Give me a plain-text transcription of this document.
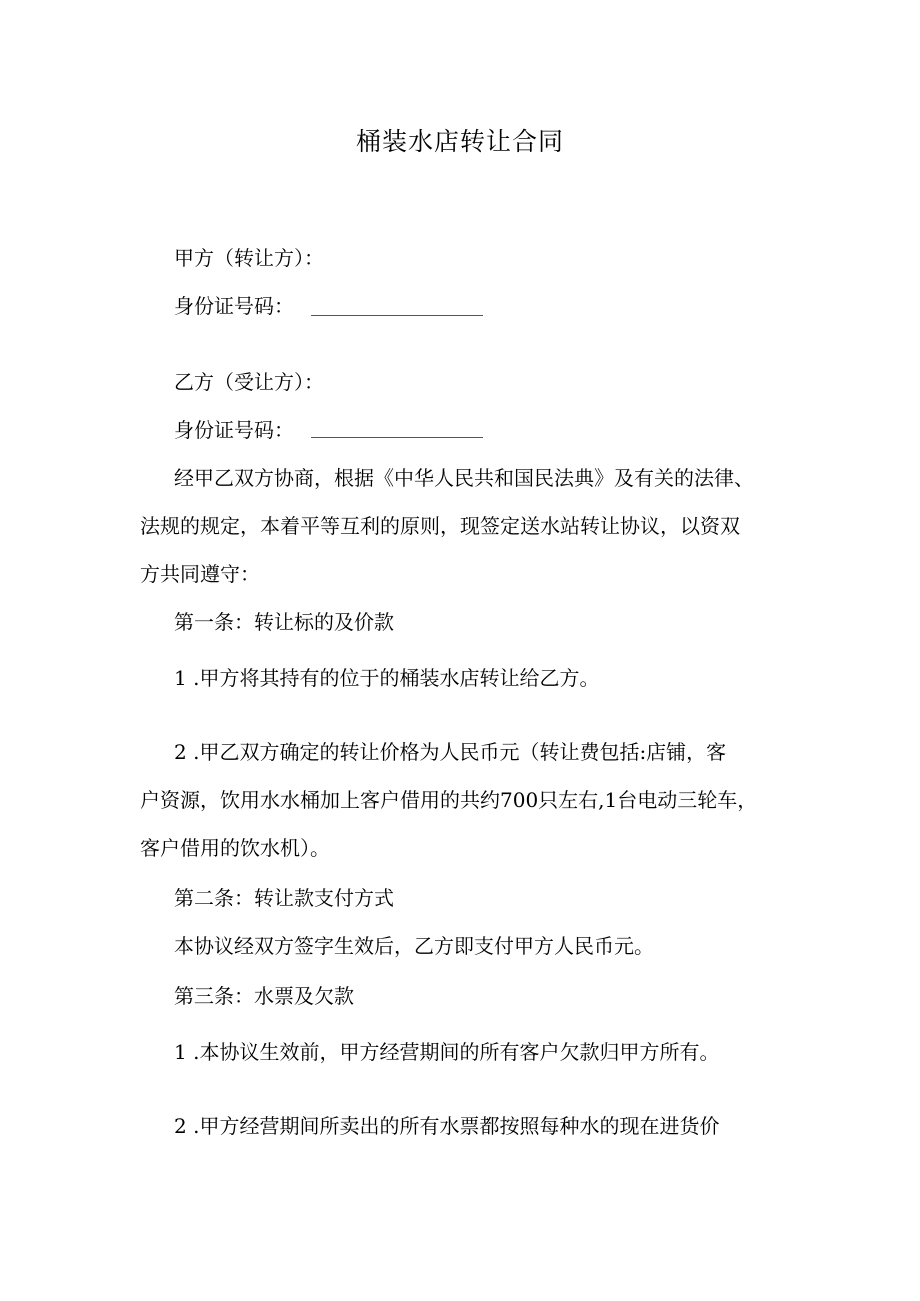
桶装水店转让合同
甲方（转让方）：
身份证号码：
乙方（受让方）：
身份证号码：
经甲乙双方协商，根据《中华人民共和国民法典》及有关的法律、
法规的规定，本着平等互利的原则，现签定送水站转让协议，以资双
方共同遵守：
第一条：转让标的及价款
1 .甲方将其持有的位于的桶装水店转让给乙方。
2 .甲乙双方确定的转让价格为人民币元（转让费包括:店铺，客
户资源，饮用水水桶加上客户借用的共约700只左右,1台电动三轮车，
客户借用的饮水机）。
第二条：转让款支付方式
本协议经双方签字生效后，乙方即支付甲方人民币元。
第三条：水票及欠款
1 .本协议生效前，甲方经营期间的所有客户欠款归甲方所有。
2 .甲方经营期间所卖出的所有水票都按照每种水的现在进货价
